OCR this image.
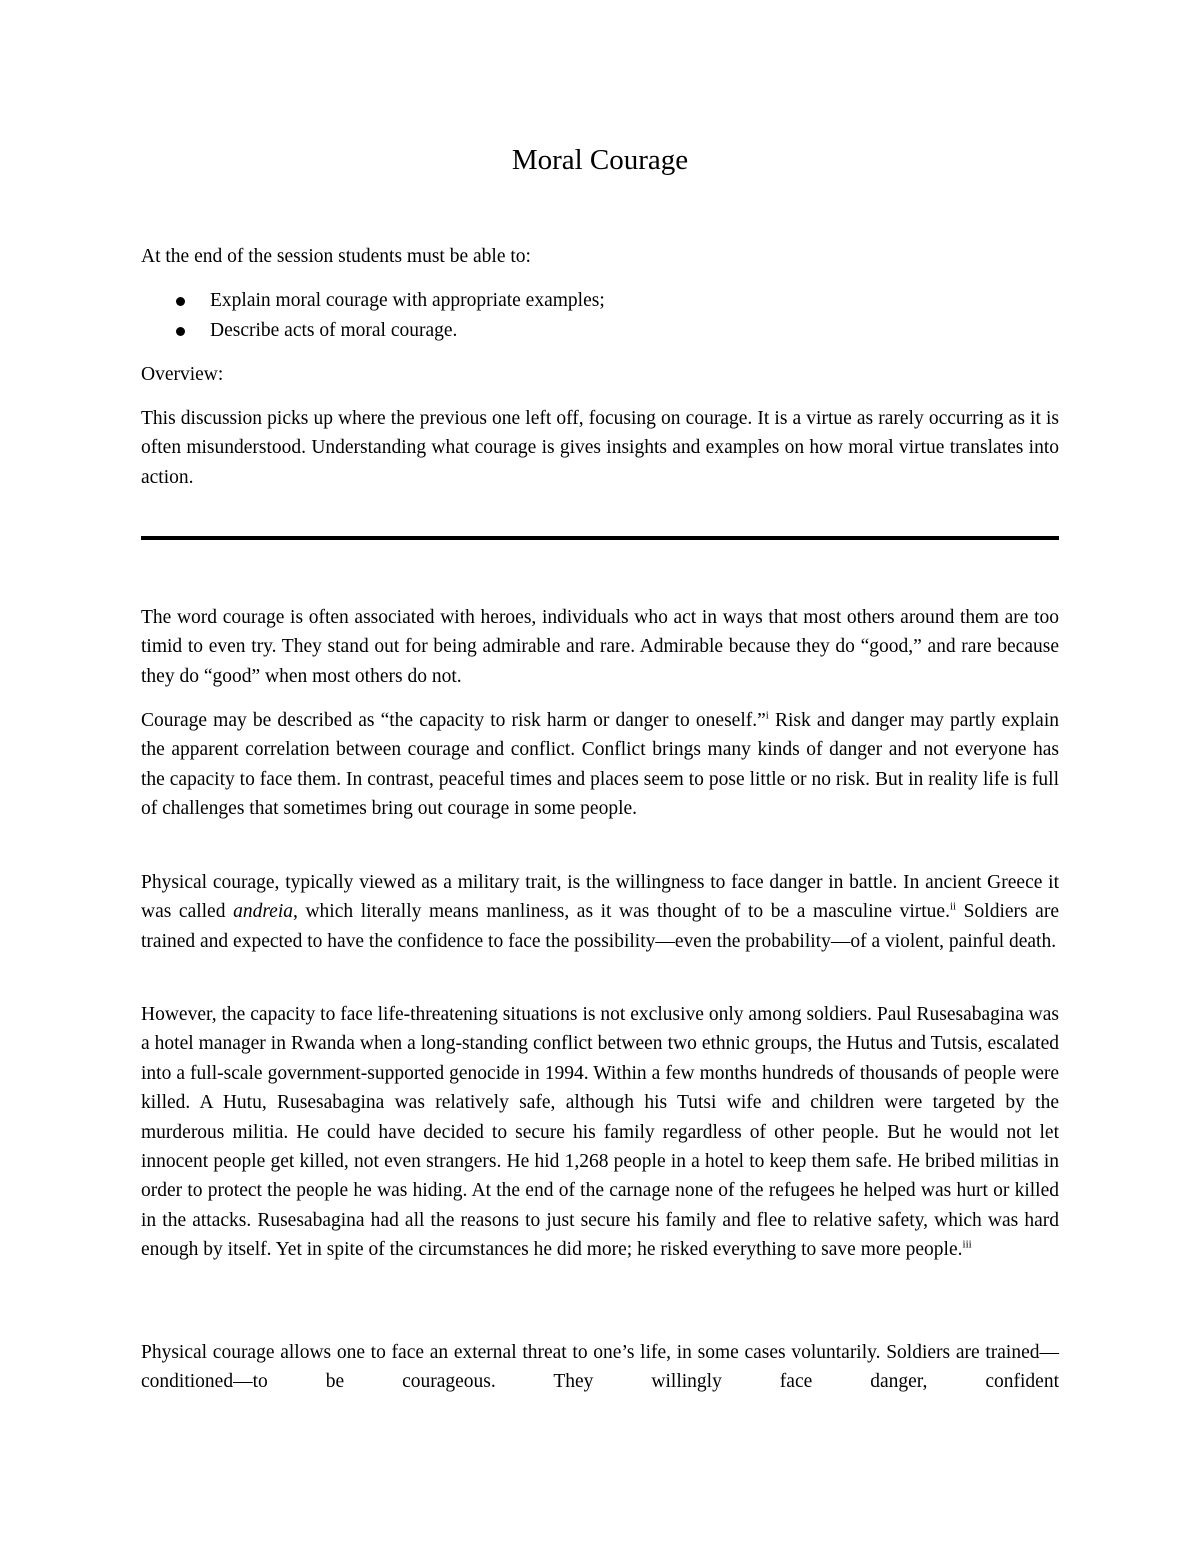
Moral Courage

At the end of the session students must be able to:

Explain moral courage with appropriate examples;
Describe acts of moral courage.

Overview:

This discussion picks up where the previous one left off, focusing on courage. It is a virtue as rarely occurring as it is often misunderstood. Understanding what courage is gives insights and examples on how moral virtue translates into action.

The word courage is often associated with heroes, individuals who act in ways that most others around them are too timid to even try. They stand out for being admirable and rare. Admirable because they do “good,” and rare because they do “good” when most others do not.

Courage may be described as “the capacity to risk harm or danger to oneself.”$^i$ Risk and danger may partly explain the apparent correlation between courage and conflict. Conflict brings many kinds of danger and not everyone has the capacity to face them. In contrast, peaceful times and places seem to pose little or no risk. But in reality life is full of challenges that sometimes bring out courage in some people.

Physical courage, typically viewed as a military trait, is the willingness to face danger in battle. In ancient Greece it was called andreia, which literally means manliness, as it was thought of to be a masculine virtue.$^{ii}$ Soldiers are trained and expected to have the confidence to face the possibility—even the probability—of a violent, painful death.

However, the capacity to face life-threatening situations is not exclusive only among soldiers. Paul Rusesabagina was a hotel manager in Rwanda when a long-standing conflict between two ethnic groups, the Hutus and Tutsis, escalated into a full-scale government-supported genocide in 1994. Within a few months hundreds of thousands of people were killed. A Hutu, Rusesabagina was relatively safe, although his Tutsi wife and children were targeted by the murderous militia. He could have decided to secure his family regardless of other people. But he would not let innocent people get killed, not even strangers. He hid 1,268 people in a hotel to keep them safe. He bribed militias in order to protect the people he was hiding. At the end of the carnage none of the refugees he helped was hurt or killed in the attacks. Rusesabagina had all the reasons to just secure his family and flee to relative safety, which was hard enough by itself. Yet in spite of the circumstances he did more; he risked everything to save more people.$^{iii}$

Physical courage allows one to face an external threat to one’s life, in some cases voluntarily. Soldiers are trained—conditioned—to be courageous. They willingly face danger, confident
